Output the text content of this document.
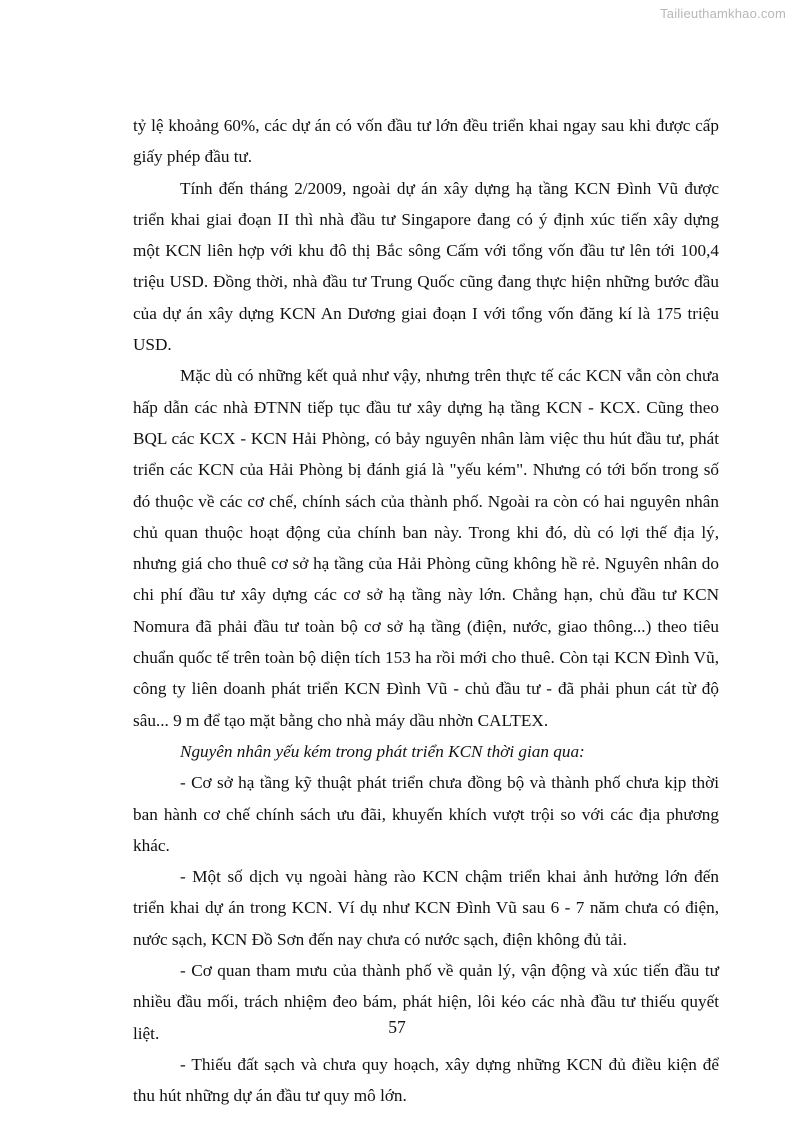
Tailieuthamkhao.com

tỷ lệ khoảng 60%, các dự án có vốn đầu tư lớn đều triển khai ngay sau khi được cấp giấy phép đầu tư.

Tính đến tháng 2/2009, ngoài dự án xây dựng hạ tầng KCN Đình Vũ được triển khai giai đoạn II thì nhà đầu tư Singapore đang có ý định xúc tiến xây dựng một KCN liên hợp với khu đô thị Bắc sông Cấm với tổng vốn đầu tư lên tới 100,4 triệu USD. Đồng thời, nhà đầu tư Trung Quốc cũng đang thực hiện những bước đầu của dự án xây dựng KCN An Dương giai đoạn I với tổng vốn đăng kí là 175 triệu USD.

Mặc dù có những kết quả như vậy, nhưng trên thực tế các KCN vẫn còn chưa hấp dẫn các nhà ĐTNN tiếp tục đầu tư xây dựng hạ tầng KCN - KCX. Cũng theo BQL các KCX - KCN Hải Phòng, có bảy nguyên nhân làm việc thu hút đầu tư, phát triển các KCN của Hải Phòng bị đánh giá là "yếu kém". Nhưng có tới bốn trong số đó thuộc về các cơ chế, chính sách của thành phố. Ngoài ra còn có hai nguyên nhân chủ quan thuộc hoạt động của chính ban này. Trong khi đó, dù có lợi thế địa lý, nhưng giá cho thuê cơ sở hạ tầng của Hải Phòng cũng không hề rẻ. Nguyên nhân do chi phí đầu tư xây dựng các cơ sở hạ tầng này lớn. Chẳng hạn, chủ đầu tư KCN Nomura đã phải đầu tư toàn bộ cơ sở hạ tầng (điện, nước, giao thông...) theo tiêu chuẩn quốc tế trên toàn bộ diện tích 153 ha rồi mới cho thuê. Còn tại KCN Đình Vũ, công ty liên doanh phát triển KCN Đình Vũ - chủ đầu tư - đã phải phun cát từ độ sâu... 9 m để tạo mặt bằng cho nhà máy dầu nhờn CALTEX.

Nguyên nhân yếu kém trong phát triển KCN thời gian qua:

- Cơ sở hạ tầng kỹ thuật phát triển chưa đồng bộ và thành phố chưa kịp thời ban hành cơ chế chính sách ưu đãi, khuyến khích vượt trội so với các địa phương khác.

- Một số dịch vụ ngoài hàng rào KCN chậm triển khai ảnh hưởng lớn đến triển khai dự án trong KCN. Ví dụ như KCN Đình Vũ sau 6 - 7 năm chưa có điện, nước sạch, KCN Đồ Sơn đến nay chưa có nước sạch, điện không đủ tải.

- Cơ quan tham mưu của thành phố về quản lý, vận động và xúc tiến đầu tư nhiều đầu mối, trách nhiệm đeo bám, phát hiện, lôi kéo các nhà đầu tư thiếu quyết liệt.

- Thiếu đất sạch và chưa quy hoạch, xây dựng những KCN đủ điều kiện để thu hút những dự án đầu tư quy mô lớn.

57
